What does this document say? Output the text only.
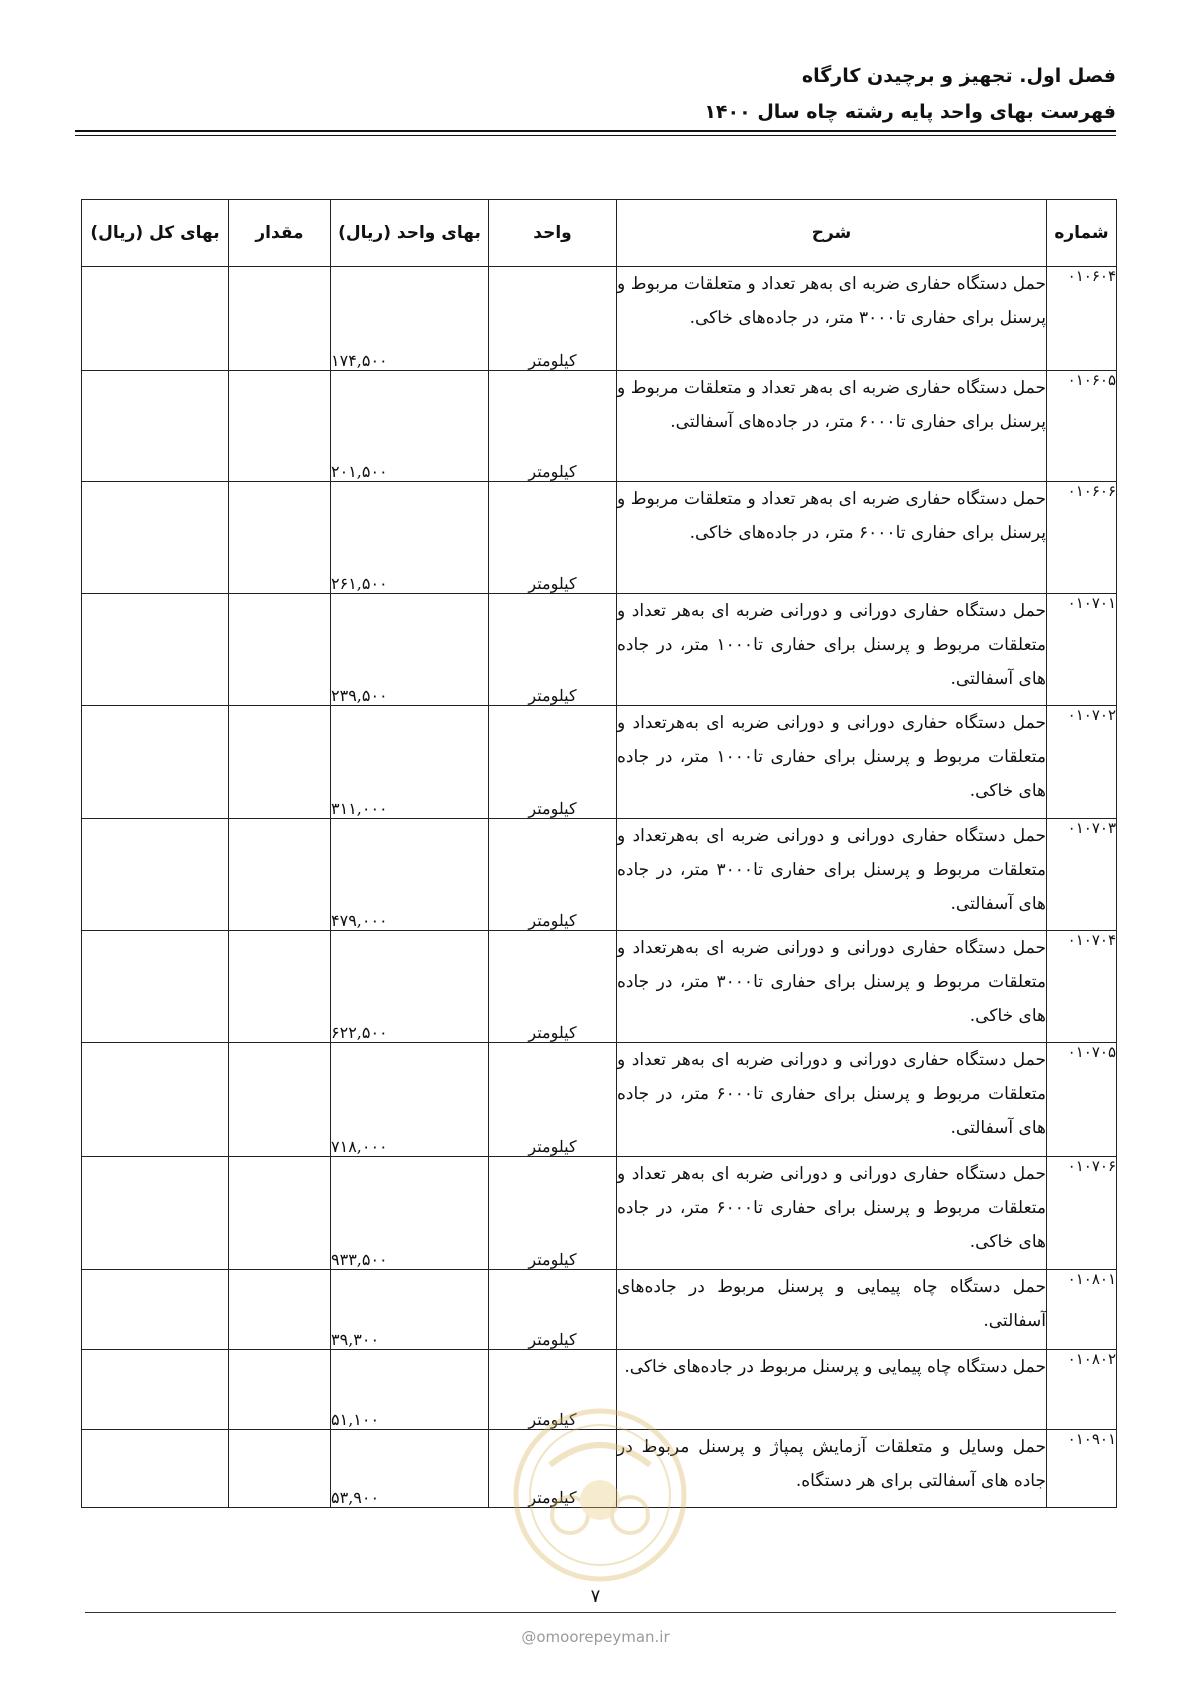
فصل اول. تجهیز و برچیدن کارگاه
فهرست بهای واحد پایه رشته چاه سال ۱۴۰۰
شماره	شرح	واحد	بهای واحد (ریال)	مقدار	بهای کل (ریال)
۰۱۰۶۰۴	حمل دستگاه حفاری ضربه ای به‌هر تعداد و متعلقات مربوط و پرسنل برای حفاری تا۳۰۰۰ متر، در جاده‌های خاکی.	کیلومتر	۱۷۴,۵۰۰		
۰۱۰۶۰۵	حمل دستگاه حفاری ضربه ای به‌هر تعداد و متعلقات مربوط و پرسنل برای حفاری تا۶۰۰۰ متر، در جاده‌های آسفالتی.	کیلومتر	۲۰۱,۵۰۰		
۰۱۰۶۰۶	حمل دستگاه حفاری ضربه ای به‌هر تعداد و متعلقات مربوط و پرسنل برای حفاری تا۶۰۰۰ متر، در جاده‌های خاکی.	کیلومتر	۲۶۱,۵۰۰		
۰۱۰۷۰۱	حمل دستگاه حفاری دورانی و دورانی ضربه ای به‌هر تعداد و متعلقات مربوط و پرسنل برای حفاری تا۱۰۰۰ متر، در جاده های آسفالتی.	کیلومتر	۲۳۹,۵۰۰		
۰۱۰۷۰۲	حمل دستگاه حفاری دورانی و دورانی ضربه ای به‌هرتعداد و متعلقات مربوط و پرسنل برای حفاری تا۱۰۰۰ متر، در جاده های خاکی.	کیلومتر	۳۱۱,۰۰۰		
۰۱۰۷۰۳	حمل دستگاه حفاری دورانی و دورانی ضربه ای به‌هرتعداد و متعلقات مربوط و پرسنل برای حفاری تا۳۰۰۰ متر، در جاده های آسفالتی.	کیلومتر	۴۷۹,۰۰۰		
۰۱۰۷۰۴	حمل دستگاه حفاری دورانی و دورانی ضربه ای به‌هرتعداد و متعلقات مربوط و پرسنل برای حفاری تا۳۰۰۰ متر، در جاده های خاکی.	کیلومتر	۶۲۲,۵۰۰		
۰۱۰۷۰۵	حمل دستگاه حفاری دورانی و دورانی ضربه ای به‌هر تعداد و متعلقات مربوط و پرسنل برای حفاری تا۶۰۰۰ متر، در جاده های آسفالتی.	کیلومتر	۷۱۸,۰۰۰		
۰۱۰۷۰۶	حمل دستگاه حفاری دورانی و دورانی ضربه ای به‌هر تعداد و متعلقات مربوط و پرسنل برای حفاری تا۶۰۰۰ متر، در جاده های خاکی.	کیلومتر	۹۳۳,۵۰۰		
۰۱۰۸۰۱	حمل دستگاه چاه پیمایی و پرسنل مربوط در جاده‌های آسفالتی.	کیلومتر	۳۹,۳۰۰		
۰۱۰۸۰۲	حمل دستگاه چاه پیمایی و پرسنل مربوط در جاده‌های خاکی.	کیلومتر	۵۱,۱۰۰		
۰۱۰۹۰۱	حمل وسایل و متعلقات آزمایش پمپاژ و پرسنل مربوط در جاده های آسفالتی برای هر دستگاه.	کیلومتر	۵۳,۹۰۰		
۷
@omoorepeyman.ir
